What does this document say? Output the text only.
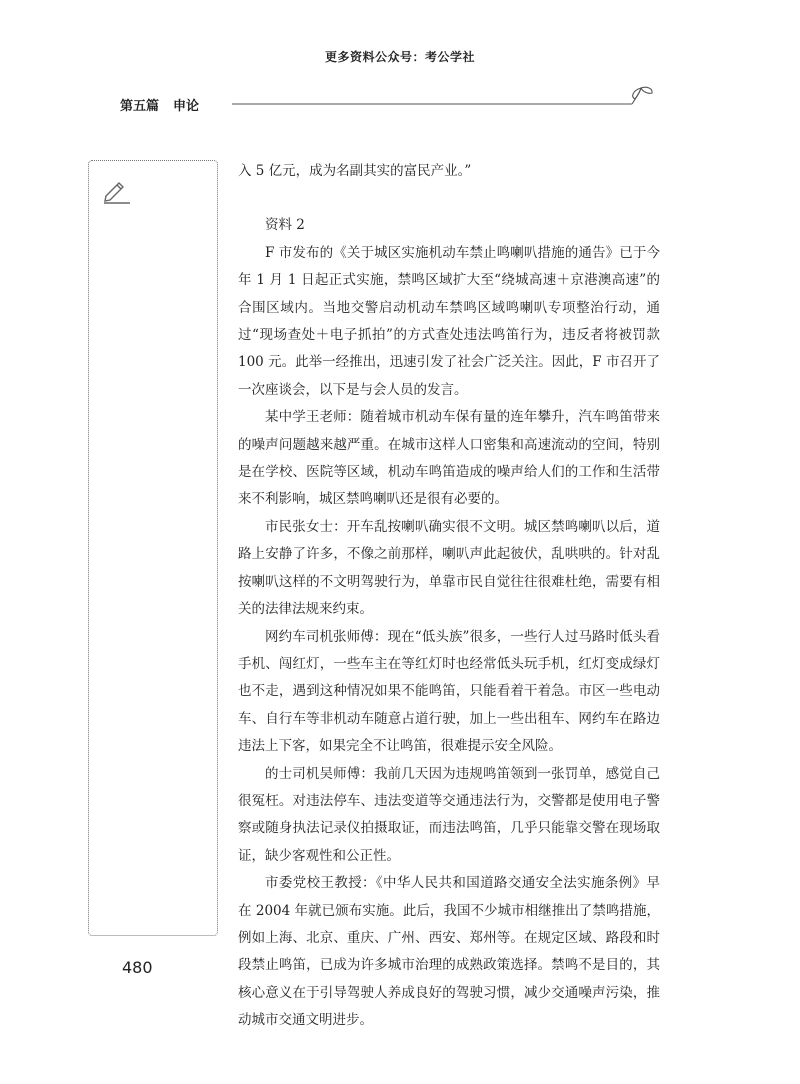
更多资料公众号：考公学社
第五篇 申论

入 5 亿元，成为名副其实的富民产业。”

资料 2

F 市发布的《关于城区实施机动车禁止鸣喇叭措施的通告》已于今年 1 月 1 日起正式实施，禁鸣区域扩大至“绕城高速＋京港澳高速”的合围区域内。当地交警启动机动车禁鸣区域鸣喇叭专项整治行动，通过“现场查处＋电子抓拍”的方式查处违法鸣笛行为，违反者将被罚款 100 元。此举一经推出，迅速引发了社会广泛关注。因此，F 市召开了一次座谈会，以下是与会人员的发言。

某中学王老师：随着城市机动车保有量的连年攀升，汽车鸣笛带来的噪声问题越来越严重。在城市这样人口密集和高速流动的空间，特别是在学校、医院等区域，机动车鸣笛造成的噪声给人们的工作和生活带来不利影响，城区禁鸣喇叭还是很有必要的。

市民张女士：开车乱按喇叭确实很不文明。城区禁鸣喇叭以后，道路上安静了许多，不像之前那样，喇叭声此起彼伏，乱哄哄的。针对乱按喇叭这样的不文明驾驶行为，单靠市民自觉往往很难杜绝，需要有相关的法律法规来约束。

网约车司机张师傅：现在“低头族”很多，一些行人过马路时低头看手机、闯红灯，一些车主在等红灯时也经常低头玩手机，红灯变成绿灯也不走，遇到这种情况如果不能鸣笛，只能看着干着急。市区一些电动车、自行车等非机动车随意占道行驶，加上一些出租车、网约车在路边违法上下客，如果完全不让鸣笛，很难提示安全风险。

的士司机吴师傅：我前几天因为违规鸣笛领到一张罚单，感觉自己很冤枉。对违法停车、违法变道等交通违法行为，交警都是使用电子警察或随身执法记录仪拍摄取证，而违法鸣笛，几乎只能靠交警在现场取证，缺少客观性和公正性。

市委党校王教授：《中华人民共和国道路交通安全法实施条例》早在 2004 年就已颁布实施。此后，我国不少城市相继推出了禁鸣措施，例如上海、北京、重庆、广州、西安、郑州等。在规定区域、路段和时段禁止鸣笛，已成为许多城市治理的成熟政策选择。禁鸣不是目的，其核心意义在于引导驾驶人养成良好的驾驶习惯，减少交通噪声污染，推动城市交通文明进步。

480
